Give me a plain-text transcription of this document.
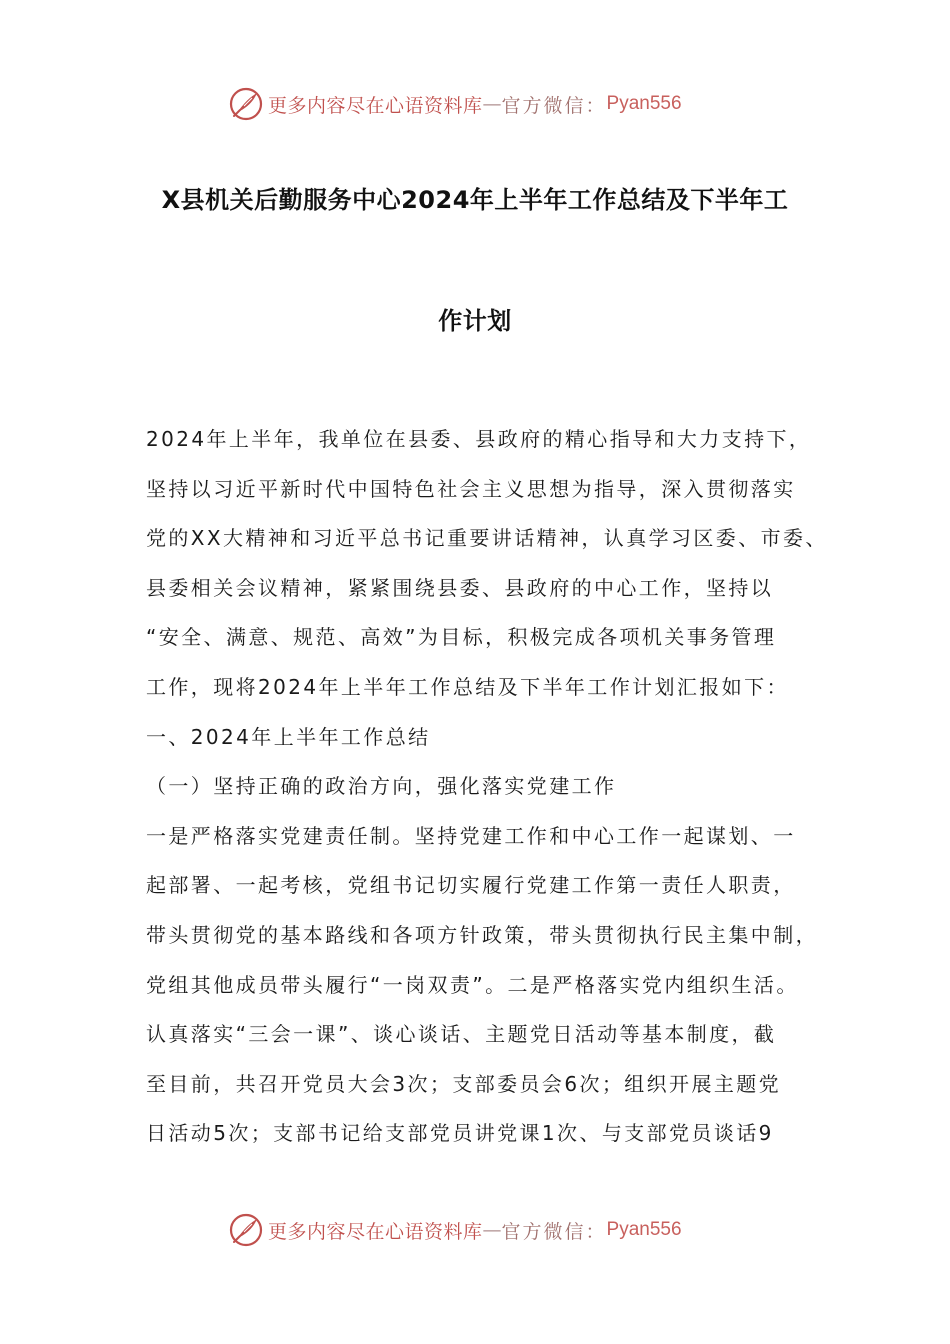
更多内容尽在心语资料库 — 官方微信： Pyan556
X县机关后勤服务中心2024年上半年工作总结及下半年工
作计划
2024年上半年，我单位在县委、县政府的精心指导和大力支持下，
坚持以习近平新时代中国特色社会主义思想为指导，深入贯彻落实
党的XX大精神和习近平总书记重要讲话精神，认真学习区委、市委、
县委相关会议精神，紧紧围绕县委、县政府的中心工作，坚持以
“安全、满意、规范、高效”为目标，积极完成各项机关事务管理
工作，现将2024年上半年工作总结及下半年工作计划汇报如下：
一、2024年上半年工作总结
（一）坚持正确的政治方向，强化落实党建工作
一是严格落实党建责任制。坚持党建工作和中心工作一起谋划、一
起部署、一起考核，党组书记切实履行党建工作第一责任人职责，
带头贯彻党的基本路线和各项方针政策，带头贯彻执行民主集中制，
党组其他成员带头履行“一岗双责”。二是严格落实党内组织生活。
认真落实“三会一课”、谈心谈话、主题党日活动等基本制度，截
至目前，共召开党员大会3次；支部委员会6次；组织开展主题党
日活动5次；支部书记给支部党员讲党课1次、与支部党员谈话9
更多内容尽在心语资料库 — 官方微信： Pyan556
